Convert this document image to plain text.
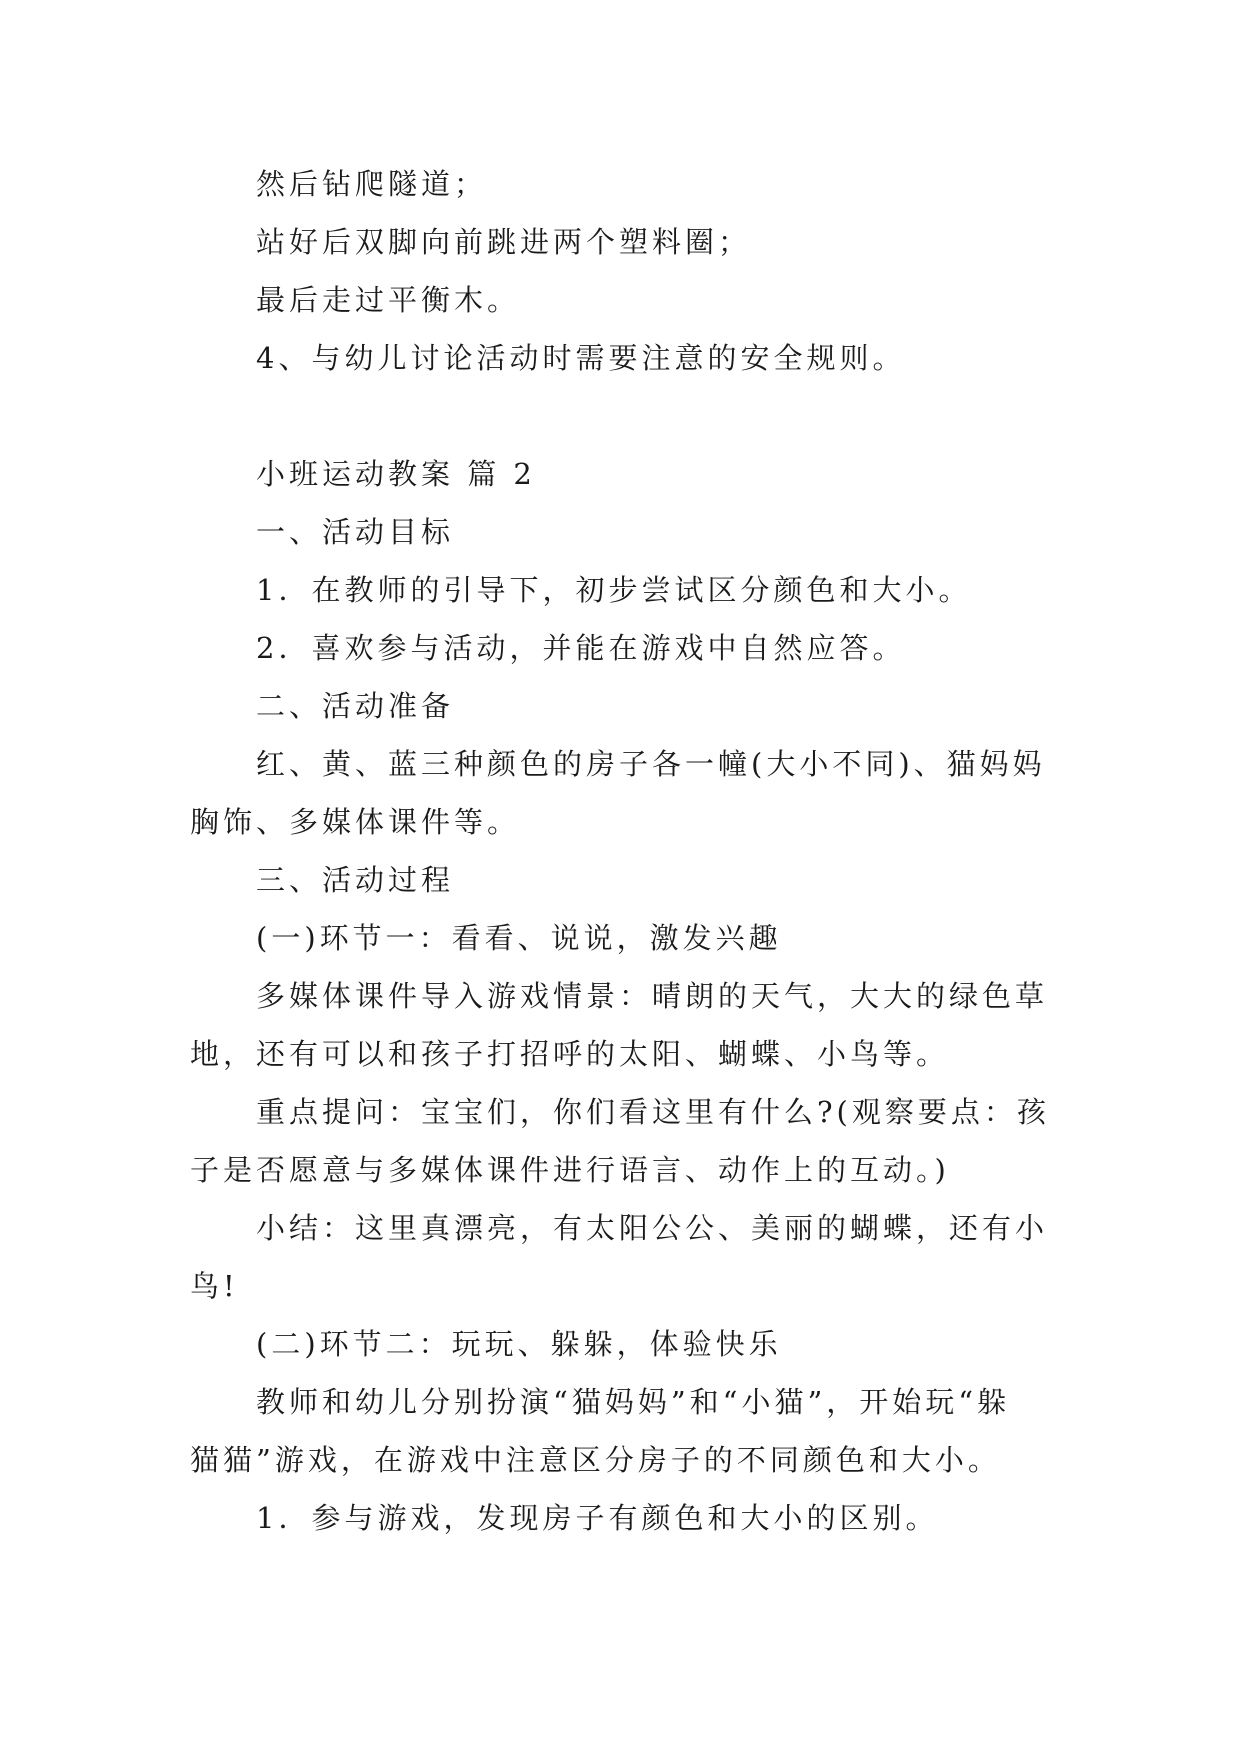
然后钻爬隧道；
站好后双脚向前跳进两个塑料圈；
最后走过平衡木。
4、与幼儿讨论活动时需要注意的安全规则。
小班运动教案 篇 2
一、活动目标
1．在教师的引导下，初步尝试区分颜色和大小。
2．喜欢参与活动，并能在游戏中自然应答。
二、活动准备
红、黄、蓝三种颜色的房子各一幢(大小不同)、猫妈妈
胸饰、多媒体课件等。
三、活动过程
(一)环节一：看看、说说，激发兴趣
多媒体课件导入游戏情景：晴朗的天气，大大的绿色草
地，还有可以和孩子打招呼的太阳、蝴蝶、小鸟等。
重点提问：宝宝们，你们看这里有什么?(观察要点：孩
子是否愿意与多媒体课件进行语言、动作上的互动。)
小结：这里真漂亮，有太阳公公、美丽的蝴蝶，还有小
鸟!
(二)环节二：玩玩、躲躲，体验快乐
教师和幼儿分别扮演“猫妈妈”和“小猫”，开始玩“躲
猫猫”游戏，在游戏中注意区分房子的不同颜色和大小。
1．参与游戏，发现房子有颜色和大小的区别。
